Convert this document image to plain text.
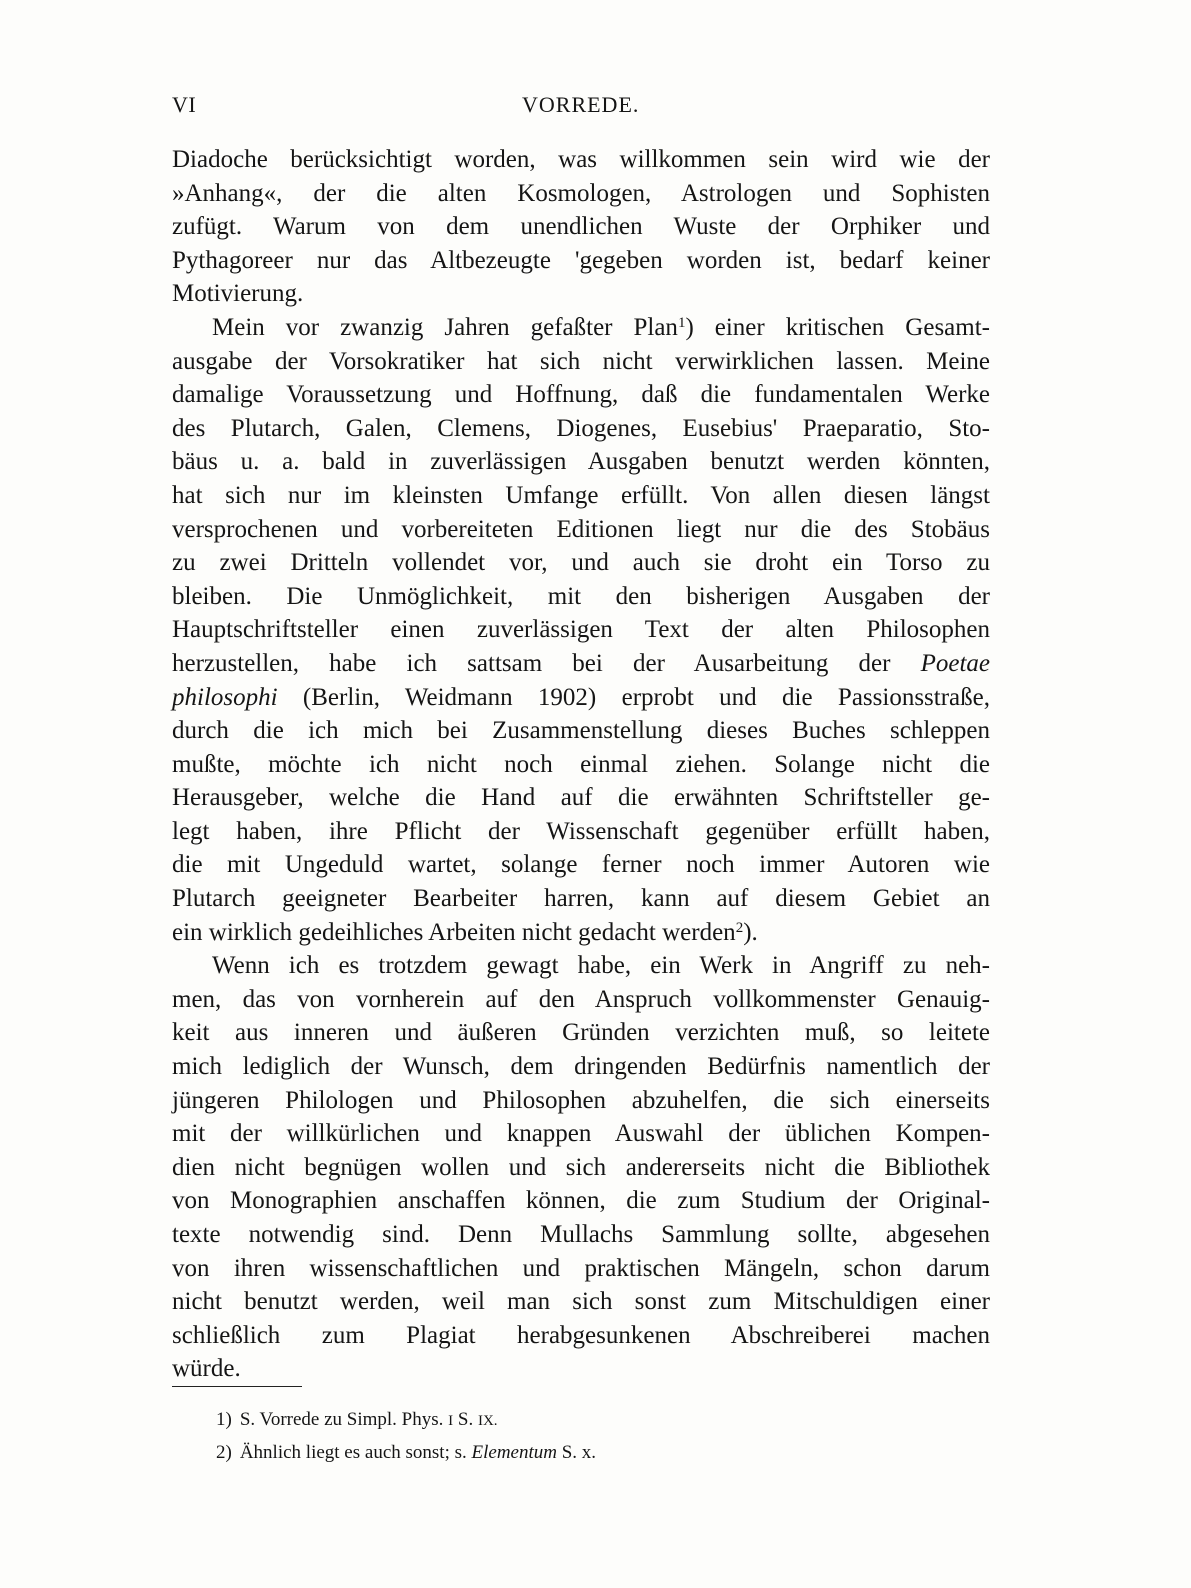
VI	VORREDE.
Diadoche berücksichtigt worden, was willkommen sein wird wie der
»Anhang«, der die alten Kosmologen, Astrologen und Sophisten
zufügt. Warum von dem unendlichen Wuste der Orphiker und
Pythagoreer nur das Altbezeugte 'gegeben worden ist, bedarf keiner
Motivierung.
Mein vor zwanzig Jahren gefaßter Plan$^1$) einer kritischen Gesamt-
ausgabe der Vorsokratiker hat sich nicht verwirklichen lassen. Meine
damalige Voraussetzung und Hoffnung, daß die fundamentalen Werke
des Plutarch, Galen, Clemens, Diogenes, Eusebius' Praeparatio, Sto-
bäus u. a. bald in zuverlässigen Ausgaben benutzt werden könnten,
hat sich nur im kleinsten Umfange erfüllt. Von allen diesen längst
versprochenen und vorbereiteten Editionen liegt nur die des Stobäus
zu zwei Dritteln vollendet vor, und auch sie droht ein Torso zu
bleiben. Die Unmöglichkeit, mit den bisherigen Ausgaben der
Hauptschriftsteller einen zuverlässigen Text der alten Philosophen
herzustellen, habe ich sattsam bei der Ausarbeitung der Poetae
philosophi (Berlin, Weidmann 1902) erprobt und die Passionsstraße,
durch die ich mich bei Zusammenstellung dieses Buches schleppen
mußte, möchte ich nicht noch einmal ziehen. Solange nicht die
Herausgeber, welche die Hand auf die erwähnten Schriftsteller ge-
legt haben, ihre Pflicht der Wissenschaft gegenüber erfüllt haben,
die mit Ungeduld wartet, solange ferner noch immer Autoren wie
Plutarch geeigneter Bearbeiter harren, kann auf diesem Gebiet an
ein wirklich gedeihliches Arbeiten nicht gedacht werden$^2$).
Wenn ich es trotzdem gewagt habe, ein Werk in Angriff zu neh-
men, das von vornherein auf den Anspruch vollkommenster Genauig-
keit aus inneren und äußeren Gründen verzichten muß, so leitete
mich lediglich der Wunsch, dem dringenden Bedürfnis namentlich der
jüngeren Philologen und Philosophen abzuhelfen, die sich einerseits
mit der willkürlichen und knappen Auswahl der üblichen Kompen-
dien nicht begnügen wollen und sich andererseits nicht die Bibliothek
von Monographien anschaffen können, die zum Studium der Original-
texte notwendig sind. Denn Mullachs Sammlung sollte, abgesehen
von ihren wissenschaftlichen und praktischen Mängeln, schon darum
nicht benutzt werden, weil man sich sonst zum Mitschuldigen einer
schließlich zum Plagiat herabgesunkenen Abschreiberei machen
würde.
1) S. Vorrede zu Simpl. Phys. I S. IX.
2) Ähnlich liegt es auch sonst; s. Elementum S. x.
